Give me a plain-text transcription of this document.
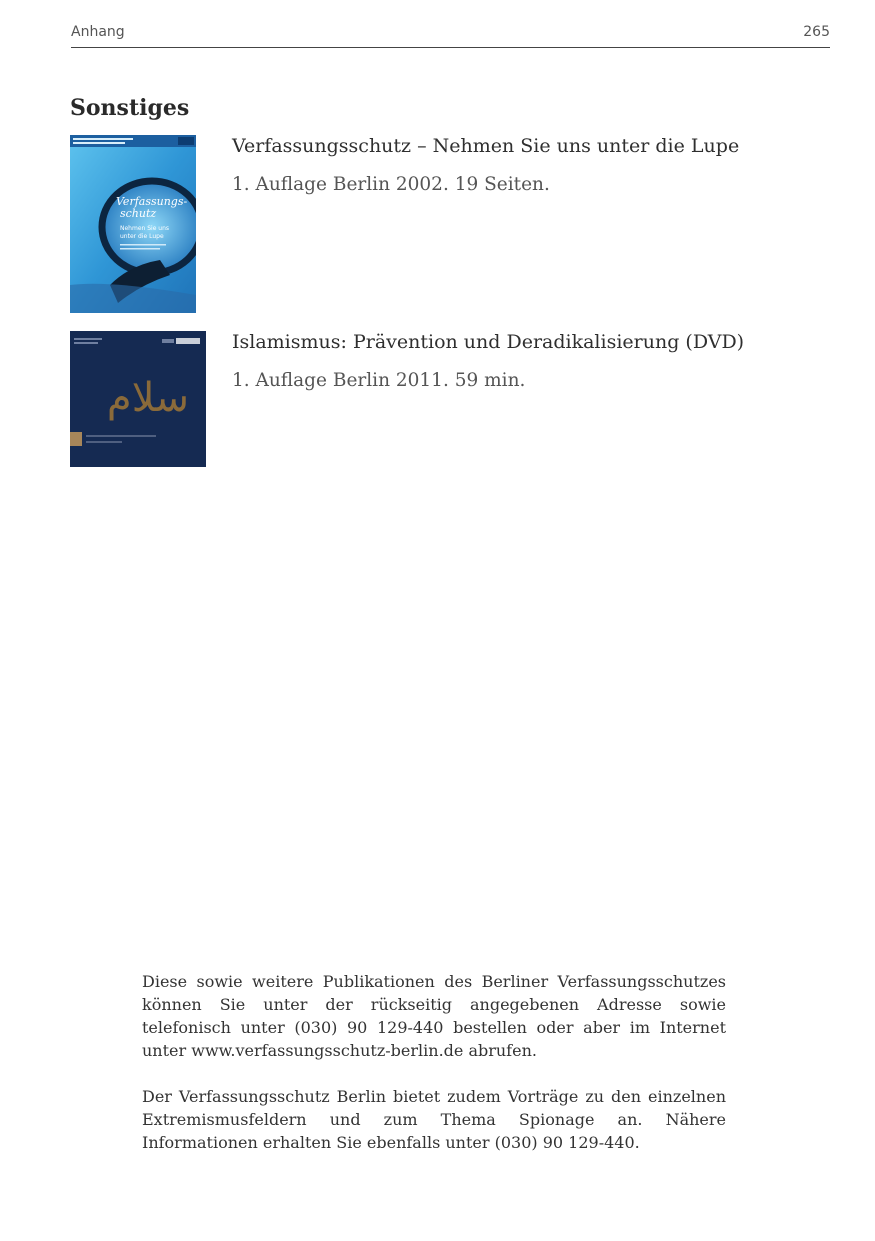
Anhang	265
Sonstiges
Verfassungs-
schutz
Nehmen Sie uns
unter die Lupe
Verfassungsschutz – Nehmen Sie uns unter die Lupe
1. Auflage Berlin 2002. 19 Seiten.
سلام
Islamismus: Prävention und Deradikalisierung (DVD)
1. Auflage Berlin 2011. 59 min.

Diese sowie weitere Publikationen des Berliner Verfassungsschutzes können Sie unter der rückseitig angegebenen Adresse sowie telefonisch unter (030) 90 129-440 bestellen oder aber im Internet unter www.verfassungsschutz-berlin.de abrufen.

Der Verfassungsschutz Berlin bietet zudem Vorträge zu den einzelnen Extremismusfeldern und zum Thema Spionage an. Nähere Informationen erhalten Sie ebenfalls unter (030) 90 129-440.
